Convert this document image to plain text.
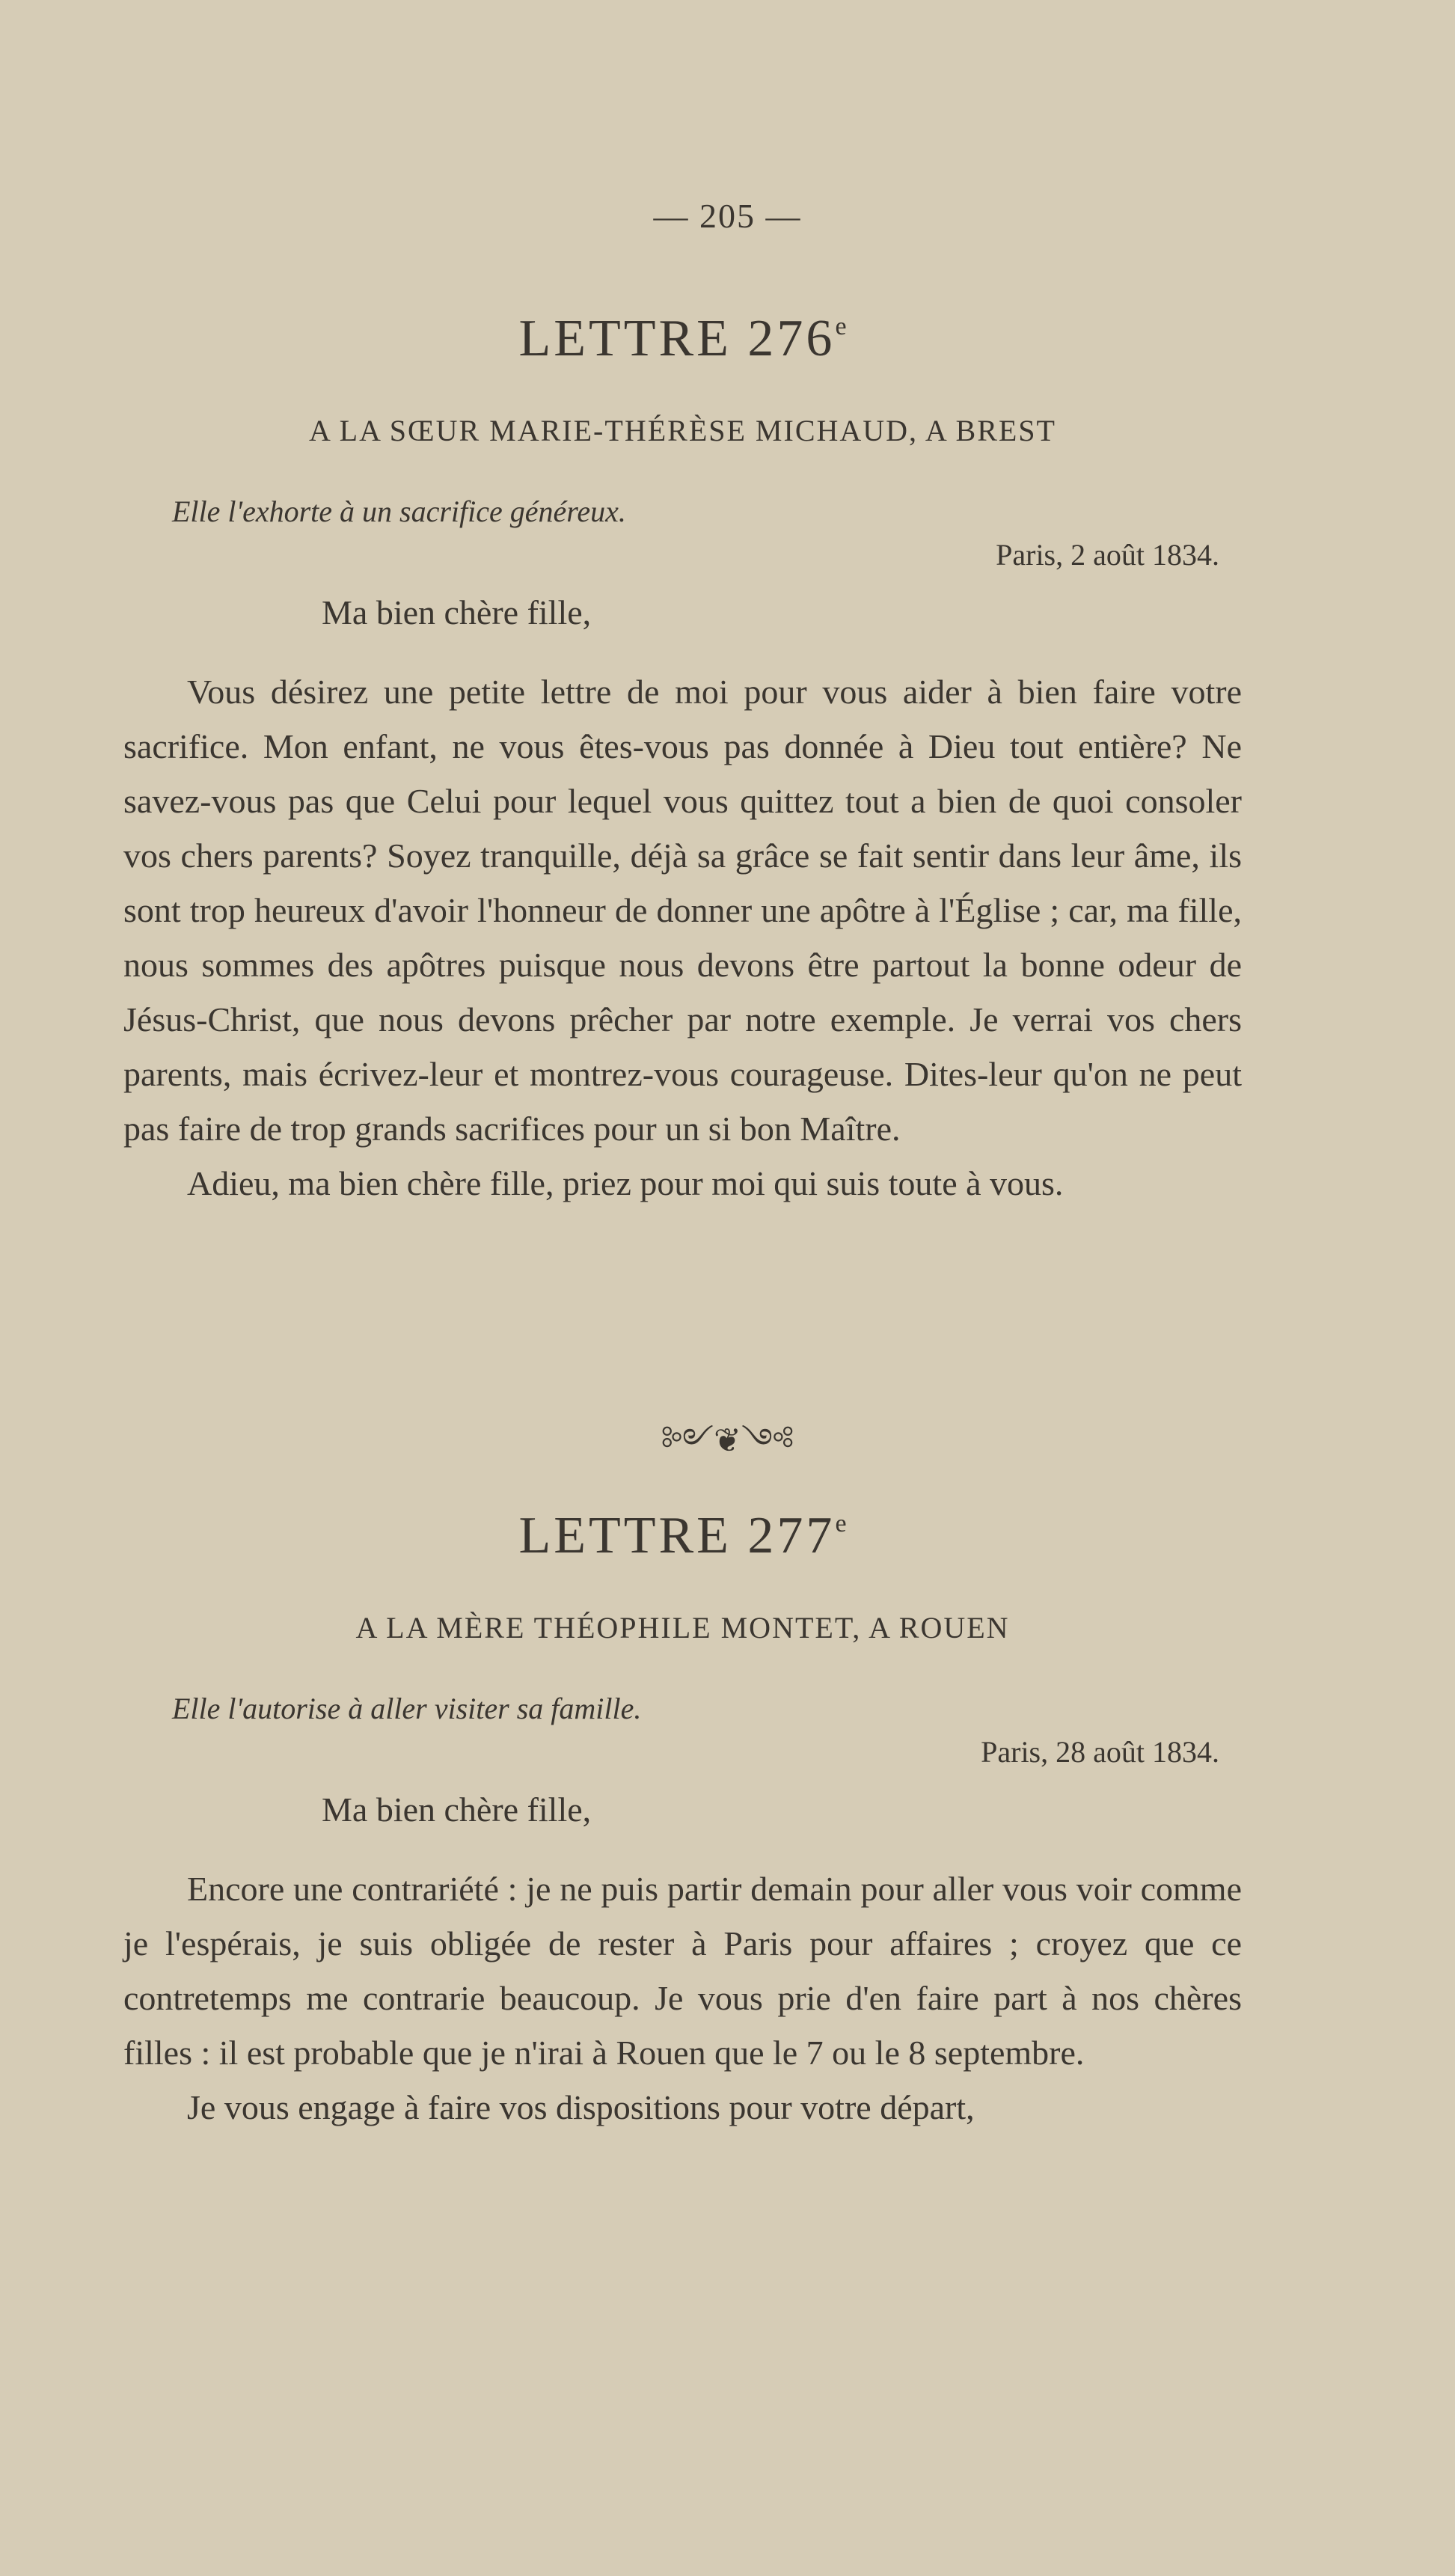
— 205 —
LETTRE 276e
A LA SŒUR MARIE-THÉRÈSE MICHAUD, A BREST
Elle l'exhorte à un sacrifice généreux.
Paris, 2 août 1834.
Ma bien chère fille,

Vous désirez une petite lettre de moi pour vous aider à bien faire votre sacrifice. Mon enfant, ne vous êtes-vous pas donnée à Dieu tout entière? Ne savez-vous pas que Celui pour lequel vous quittez tout a bien de quoi consoler vos chers parents? Soyez tranquille, déjà sa grâce se fait sentir dans leur âme, ils sont trop heureux d'avoir l'honneur de donner une apôtre à l'Église ; car, ma fille, nous sommes des apôtres puisque nous devons être partout la bonne odeur de Jésus-Christ, que nous devons prêcher par notre exemple. Je verrai vos chers parents, mais écrivez-leur et montrez-vous courageuse. Dites-leur qu'on ne peut pas faire de trop grands sacrifices pour un si bon Maître.

Adieu, ma bien chère fille, priez pour moi qui suis toute à vous.

༻❦༺
LETTRE 277e
A LA MÈRE THÉOPHILE MONTET, A ROUEN
Elle l'autorise à aller visiter sa famille.
Paris, 28 août 1834.
Ma bien chère fille,

Encore une contrariété : je ne puis partir demain pour aller vous voir comme je l'espérais, je suis obligée de rester à Paris pour affaires ; croyez que ce contretemps me contrarie beaucoup. Je vous prie d'en faire part à nos chères filles : il est probable que je n'irai à Rouen que le 7 ou le 8 septembre.

Je vous engage à faire vos dispositions pour votre départ,
